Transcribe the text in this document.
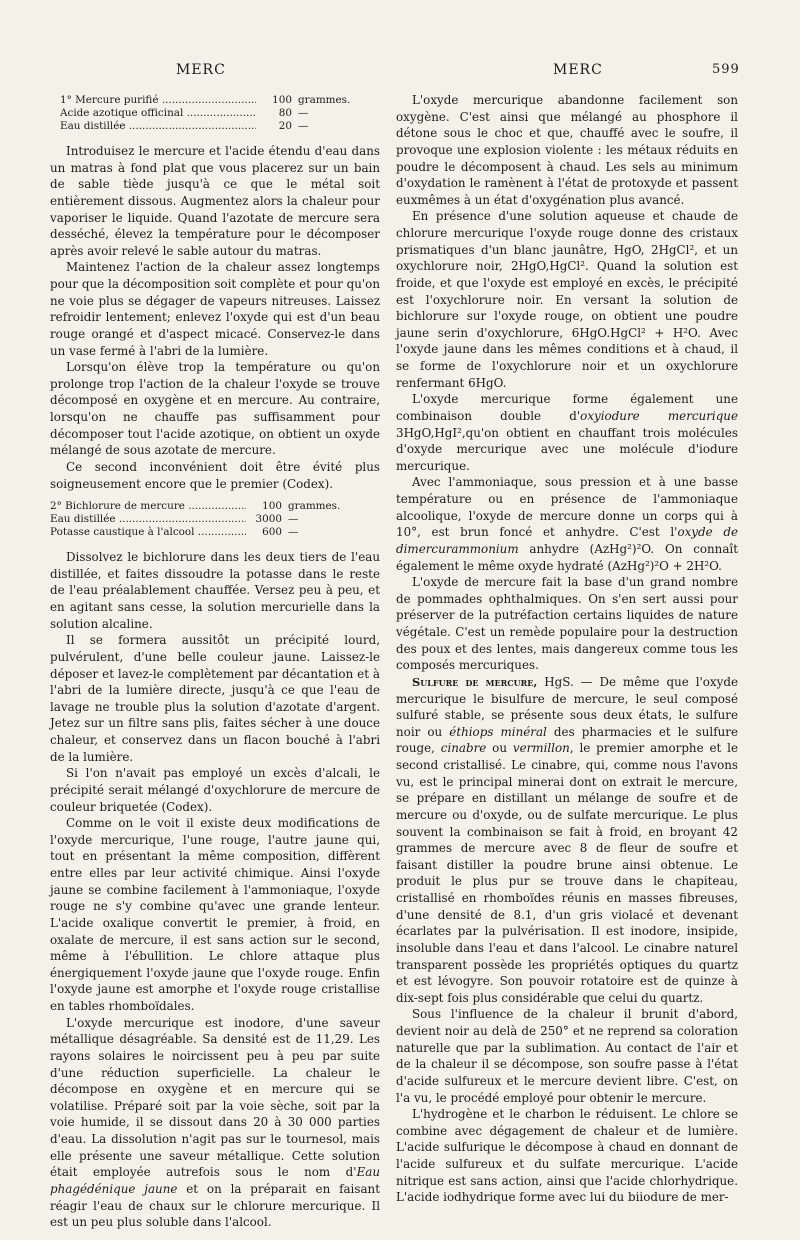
MERC	MERC	599
1° Mercure purifié .....	100 grammes.
Acide azotique officinal .....	80 —
Eau distillée .....	20 —

Introduisez le mercure et l'acide étendu d'eau dans un matras à fond plat que vous placerez sur un bain de sable tiède jusqu'à ce que le métal soit entièrement dissous. Augmentez alors la chaleur pour vaporiser le liquide. Quand l'azotate de mercure sera desséché, élevez la température pour le décomposer après avoir relevé le sable autour du matras.

Maintenez l'action de la chaleur assez longtemps pour que la décomposition soit complète et pour qu'on ne voie plus se dégager de vapeurs nitreuses. Laissez refroidir lentement; enlevez l'oxyde qui est d'un beau rouge orangé et d'aspect micacé. Conservez-le dans un vase fermé à l'abri de la lumière.

Lorsqu'on élève trop la température ou qu'on prolonge trop l'action de la chaleur l'oxyde se trouve décomposé en oxygène et en mercure. Au contraire, lorsqu'on ne chauffe pas suffisamment pour décomposer tout l'acide azotique, on obtient un oxyde mélangé de sous azotate de mercure.

Ce second inconvénient doit être évité plus soigneusement encore que le premier (Codex).

2° Bichlorure de mercure .....	100 grammes.
Eau distillée .....	3000 —
Potasse caustique à l'alcool .....	600 —

Dissolvez le bichlorure dans les deux tiers de l'eau distillée, et faites dissoudre la potasse dans le reste de l'eau préalablement chauffée. Versez peu à peu, et en agitant sans cesse, la solution mercurielle dans la solution alcaline.

Il se formera aussitôt un précipité lourd, pulvérulent, d'une belle couleur jaune. Laissez-le déposer et lavez-le complètement par décantation et à l'abri de la lumière directe, jusqu'à ce que l'eau de lavage ne trouble plus la solution d'azotate d'argent. Jetez sur un filtre sans plis, faites sécher à une douce chaleur, et conservez dans un flacon bouché à l'abri de la lumière.

Si l'on n'avait pas employé un excès d'alcali, le précipité serait mélangé d'oxychlorure de mercure de couleur briquetée (Codex).

Comme on le voit il existe deux modifications de l'oxyde mercurique, l'une rouge, l'autre jaune qui, tout en présentant la même composition, diffèrent entre elles par leur activité chimique. Ainsi l'oxyde jaune se combine facilement à l'ammoniaque, l'oxyde rouge ne s'y combine qu'avec une grande lenteur. L'acide oxalique convertit le premier, à froid, en oxalate de mercure, il est sans action sur le second, même à l'ébullition. Le chlore attaque plus énergiquement l'oxyde jaune que l'oxyde rouge. Enfin l'oxyde jaune est amorphe et l'oxyde rouge cristallise en tables rhomboïdales.

L'oxyde mercurique est inodore, d'une saveur métallique désagréable. Sa densité est de 11,29. Les rayons solaires le noircissent peu à peu par suite d'une réduction superficielle. La chaleur le décompose en oxygène et en mercure qui se volatilise. Préparé soit par la voie sèche, soit par la voie humide, il se dissout dans 20 à 30 000 parties d'eau. La dissolution n'agit pas sur le tournesol, mais elle présente une saveur métallique. Cette solution était employée autrefois sous le nom d'Eau phagédénique jaune et on la préparait en faisant réagir l'eau de chaux sur le chlorure mercurique. Il est un peu plus soluble dans l'alcool.

L'oxyde mercurique abandonne facilement son oxygène. C'est ainsi que mélangé au phosphore il détone sous le choc et que, chauffé avec le soufre, il provoque une explosion violente : les métaux réduits en poudre le décomposent à chaud. Les sels au minimum d'oxydation le ramènent à l'état de protoxyde et passent euxmêmes à un état d'oxygénation plus avancé.

En présence d'une solution aqueuse et chaude de chlorure mercurique l'oxyde rouge donne des cristaux prismatiques d'un blanc jaunâtre, HgO, 2HgCl², et un oxychlorure noir, 2HgO,HgCl². Quand la solution est froide, et que l'oxyde est employé en excès, le précipité est l'oxychlorure noir. En versant la solution de bichlorure sur l'oxyde rouge, on obtient une poudre jaune serin d'oxychlorure, 6HgO.HgCl² + H²O. Avec l'oxyde jaune dans les mêmes conditions et à chaud, il se forme de l'oxychlorure noir et un oxychlorure renfermant 6HgO.

L'oxyde mercurique forme également une combinaison double d'oxyiodure mercurique 3HgO,HgI²,qu'on obtient en chauffant trois molécules d'oxyde mercurique avec une molécule d'iodure mercurique.

Avec l'ammoniaque, sous pression et à une basse température ou en présence de l'ammoniaque alcoolique, l'oxyde de mercure donne un corps qui à 10°, est brun foncé et anhydre. C'est l'oxyde de dimercurammonium anhydre (AzHg²)²O. On connaît également le même oxyde hydraté (AzHg²)²O + 2H²O.

L'oxyde de mercure fait la base d'un grand nombre de pommades ophthalmiques. On s'en sert aussi pour préserver de la putréfaction certains liquides de nature végétale. C'est un remède populaire pour la destruction des poux et des lentes, mais dangereux comme tous les composés mercuriques.

Sulfure de mercure, HgS. — De même que l'oxyde mercurique le bisulfure de mercure, le seul composé sulfuré stable, se présente sous deux états, le sulfure noir ou éthiops minéral des pharmacies et le sulfure rouge, cinabre ou vermillon, le premier amorphe et le second cristallisé. Le cinabre, qui, comme nous l'avons vu, est le principal minerai dont on extrait le mercure, se prépare en distillant un mélange de soufre et de mercure ou d'oxyde, ou de sulfate mercurique. Le plus souvent la combinaison se fait à froid, en broyant 42 grammes de mercure avec 8 de fleur de soufre et faisant distiller la poudre brune ainsi obtenue. Le produit le plus pur se trouve dans le chapiteau, cristallisé en rhomboïdes réunis en masses fibreuses, d'une densité de 8.1, d'un gris violacé et devenant écarlates par la pulvérisation. Il est inodore, insipide, insoluble dans l'eau et dans l'alcool. Le cinabre naturel transparent possède les propriétés optiques du quartz et est lévogyre. Son pouvoir rotatoire est de quinze à dix-sept fois plus considérable que celui du quartz.

Sous l'influence de la chaleur il brunit d'abord, devient noir au delà de 250° et ne reprend sa coloration naturelle que par la sublimation. Au contact de l'air et de la chaleur il se décompose, son soufre passe à l'état d'acide sulfureux et le mercure devient libre. C'est, on l'a vu, le procédé employé pour obtenir le mercure.

L'hydrogène et le charbon le réduisent. Le chlore se combine avec dégagement de chaleur et de lumière. L'acide sulfurique le décompose à chaud en donnant de l'acide sulfureux et du sulfate mercurique. L'acide nitrique est sans action, ainsi que l'acide chlorhydrique. L'acide iodhydrique forme avec lui du biiodure de mer-
